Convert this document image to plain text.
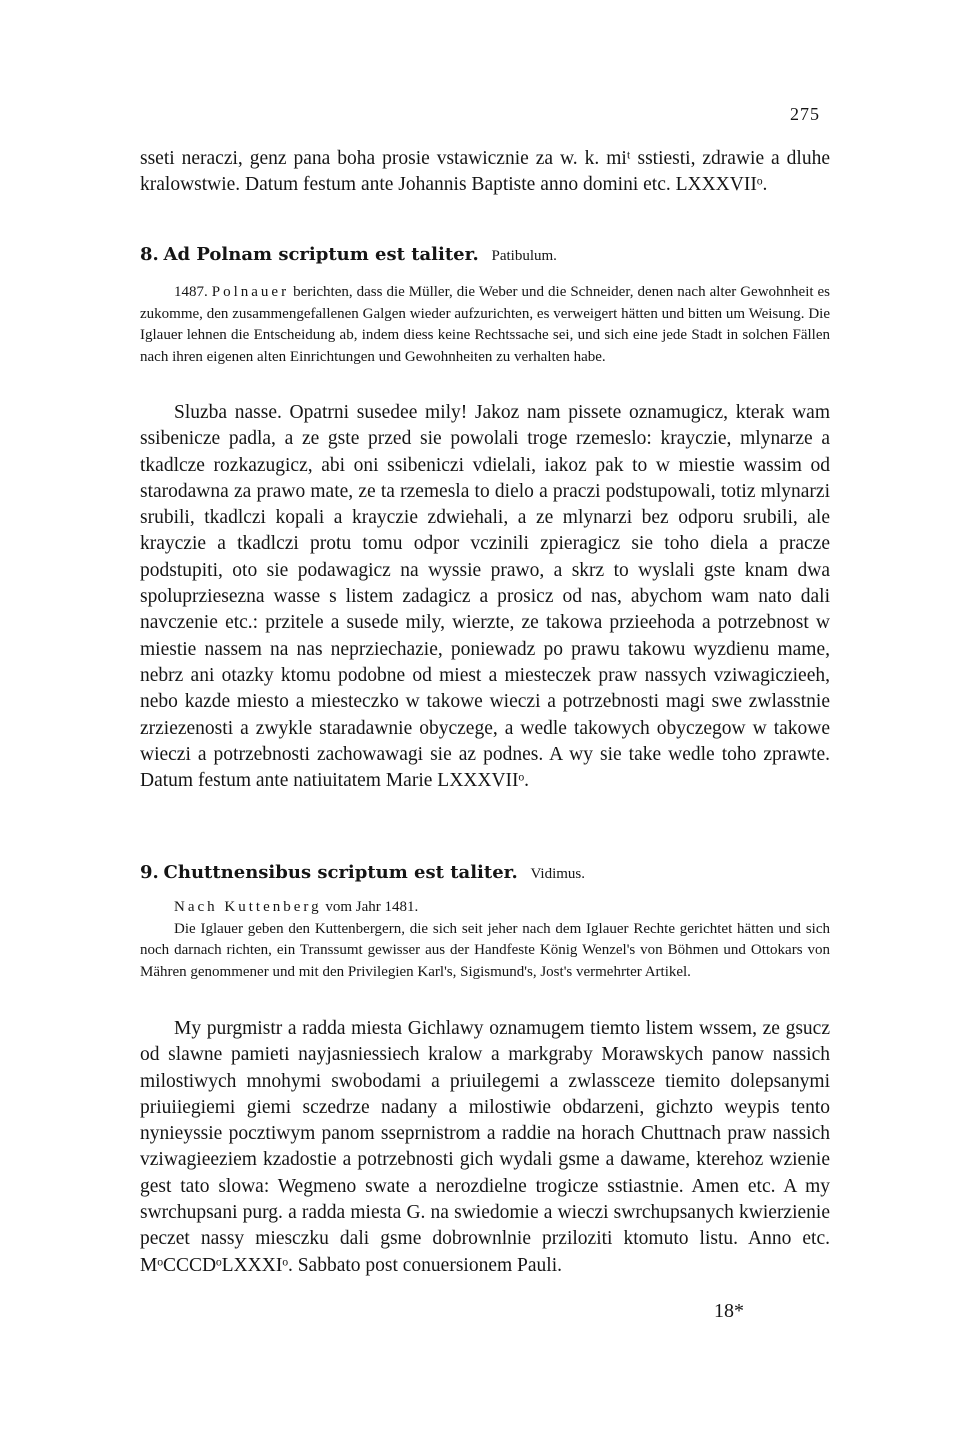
275

sseti neraczi, genz pana boha prosie vstawicznie za w. k. miᵗ sstiesti, zdrawie a dluhe kralowstwie. Datum festum ante Johannis Baptiste anno domini etc. LXXXVIIᵒ.

8. Ad Polnam scriptum est taliter. Patibulum.
1487. Polnauer berichten, dass die Müller, die Weber und die Schneider, denen nach alter Gewohnheit es zukomme, den zusammengefallenen Galgen wieder aufzurichten, es verweigert hätten und bitten um Weisung. Die Iglauer lehnen die Entscheidung ab, indem diess keine Rechtssache sei, und sich eine jede Stadt in solchen Fällen nach ihren eigenen alten Einrichtungen und Gewohnheiten zu verhalten habe.

Sluzba nasse. Opatrni susedee mily! Jakoz nam pissete oznamugicz, kterak wam ssibenicze padla, a ze gste przed sie powolali troge rzemeslo: krayczie, mlynarze a tkadlcze rozkazugicz, abi oni ssibeniczi vdielali, iakoz pak to w miestie wassim od starodawna za prawo mate, ze ta rzemesla to dielo a praczi podstupowali, totiz mlynarzi srubili, tkadlczi kopali a krayczie zdwiehali, a ze mlynarzi bez odporu srubili, ale krayczie a tkadlczi protu tomu odpor vczinili zpieragicz sie toho diela a pracze podstupiti, oto sie podawagicz na wyssie prawo, a skrz to wyslali gste knam dwa spoluprziesezna wasse s listem zadagicz a prosicz od nas, abychom wam nato dali navczenie etc.: przitele a susede mily, wierzte, ze takowa przieehoda a potrzebnost w miestie nassem na nas neprziechazie, poniewadz po prawu takowu wyzdienu mame, nebrz ani otazky ktomu podobne od miest a miesteczek praw nassych vziwagiczieeh, nebo kazde miesto a miesteczko w takowe wieczi a potrzebnosti magi swe zwlasstnie zrziezenosti a zwykle staradawnie obyczege, a wedle takowych obyczegow w takowe wieczi a potrzebnosti zachowawagi sie az podnes. A wy sie take wedle toho zprawte. Datum festum ante natiuitatem Marie LXXXVIIᵒ.

9. Chuttnensibus scriptum est taliter. Vidimus.
Nach Kuttenberg vom Jahr 1481.
Die Iglauer geben den Kuttenbergern, die sich seit jeher nach dem Iglauer Rechte gerichtet hätten und sich noch darnach richten, ein Transsumt gewisser aus der Handfeste König Wenzel's von Böhmen und Ottokars von Mähren genommener und mit den Privilegien Karl's, Sigismund's, Jost's vermehrter Artikel.

My purgmistr a radda miesta Gichlawy oznamugem tiemto listem wssem, ze gsucz od slawne pamieti nayjasniessiech kralow a markgraby Morawskych panow nassich milostiwych mnohymi swobodami a priuilegemi a zwlassceze tiemito dolepsanymi priuiiegiemi giemi sczedrze nadany a milostiwie obdarzeni, gichzto weypis tento nynieyssie pocztiwym panom sseprnistrom a raddie na horach Chuttnach praw nassich vziwagieeziem kzadostie a potrzebnosti gich wydali gsme a dawame, kterehoz wzienie gest tato slowa: Wegmeno swate a nerozdielne trogicze sstiastnie. Amen etc. A my swrchupsani purg. a radda miesta G. na swiedomie a wieczi swrchupsanych kwierzienie peczet nassy miesczku dali gsme dobrownlnie prziloziti ktomuto listu. Anno etc. MᵒCCCDᵒLXXXIᵒ. Sabbato post conuersionem Pauli.

18*
